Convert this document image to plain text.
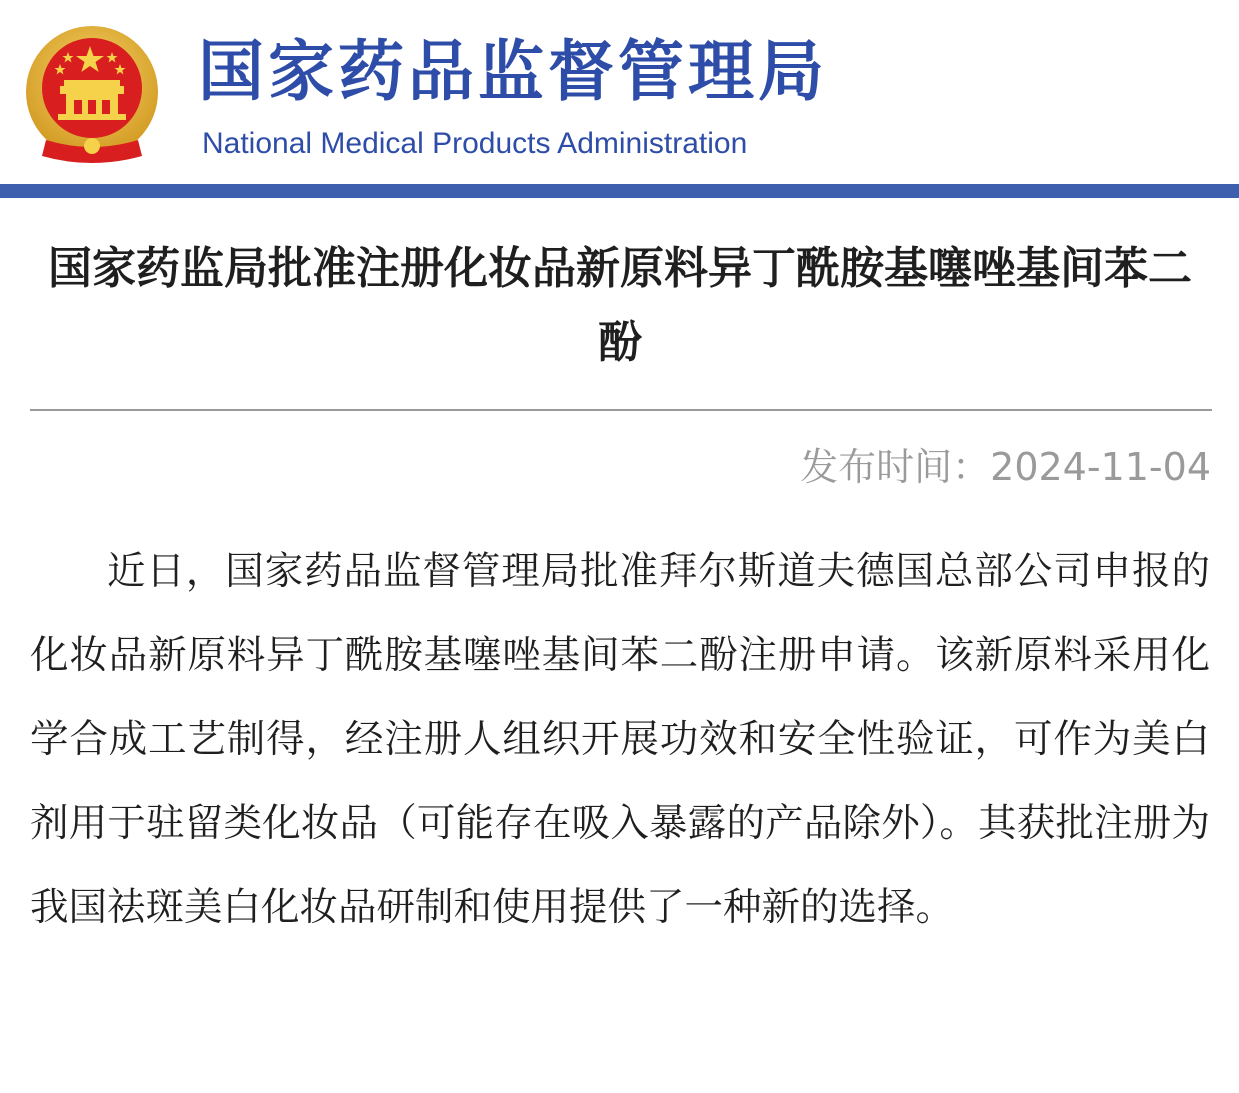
国家药品监督管理局
National Medical Products Administration
国家药监局批准注册化妆品新原料异丁酰胺基噻唑基间苯二酚
发布时间：2024-11-04
近日，国家药品监督管理局批准拜尔斯道夫德国总部公司申报的化妆品新原料异丁酰胺基噻唑基间苯二酚注册申请。该新原料采用化学合成工艺制得，经注册人组织开展功效和安全性验证，可作为美白剂用于驻留类化妆品（可能存在吸入暴露的产品除外）。其获批注册为我国祛斑美白化妆品研制和使用提供了一种新的选择。
